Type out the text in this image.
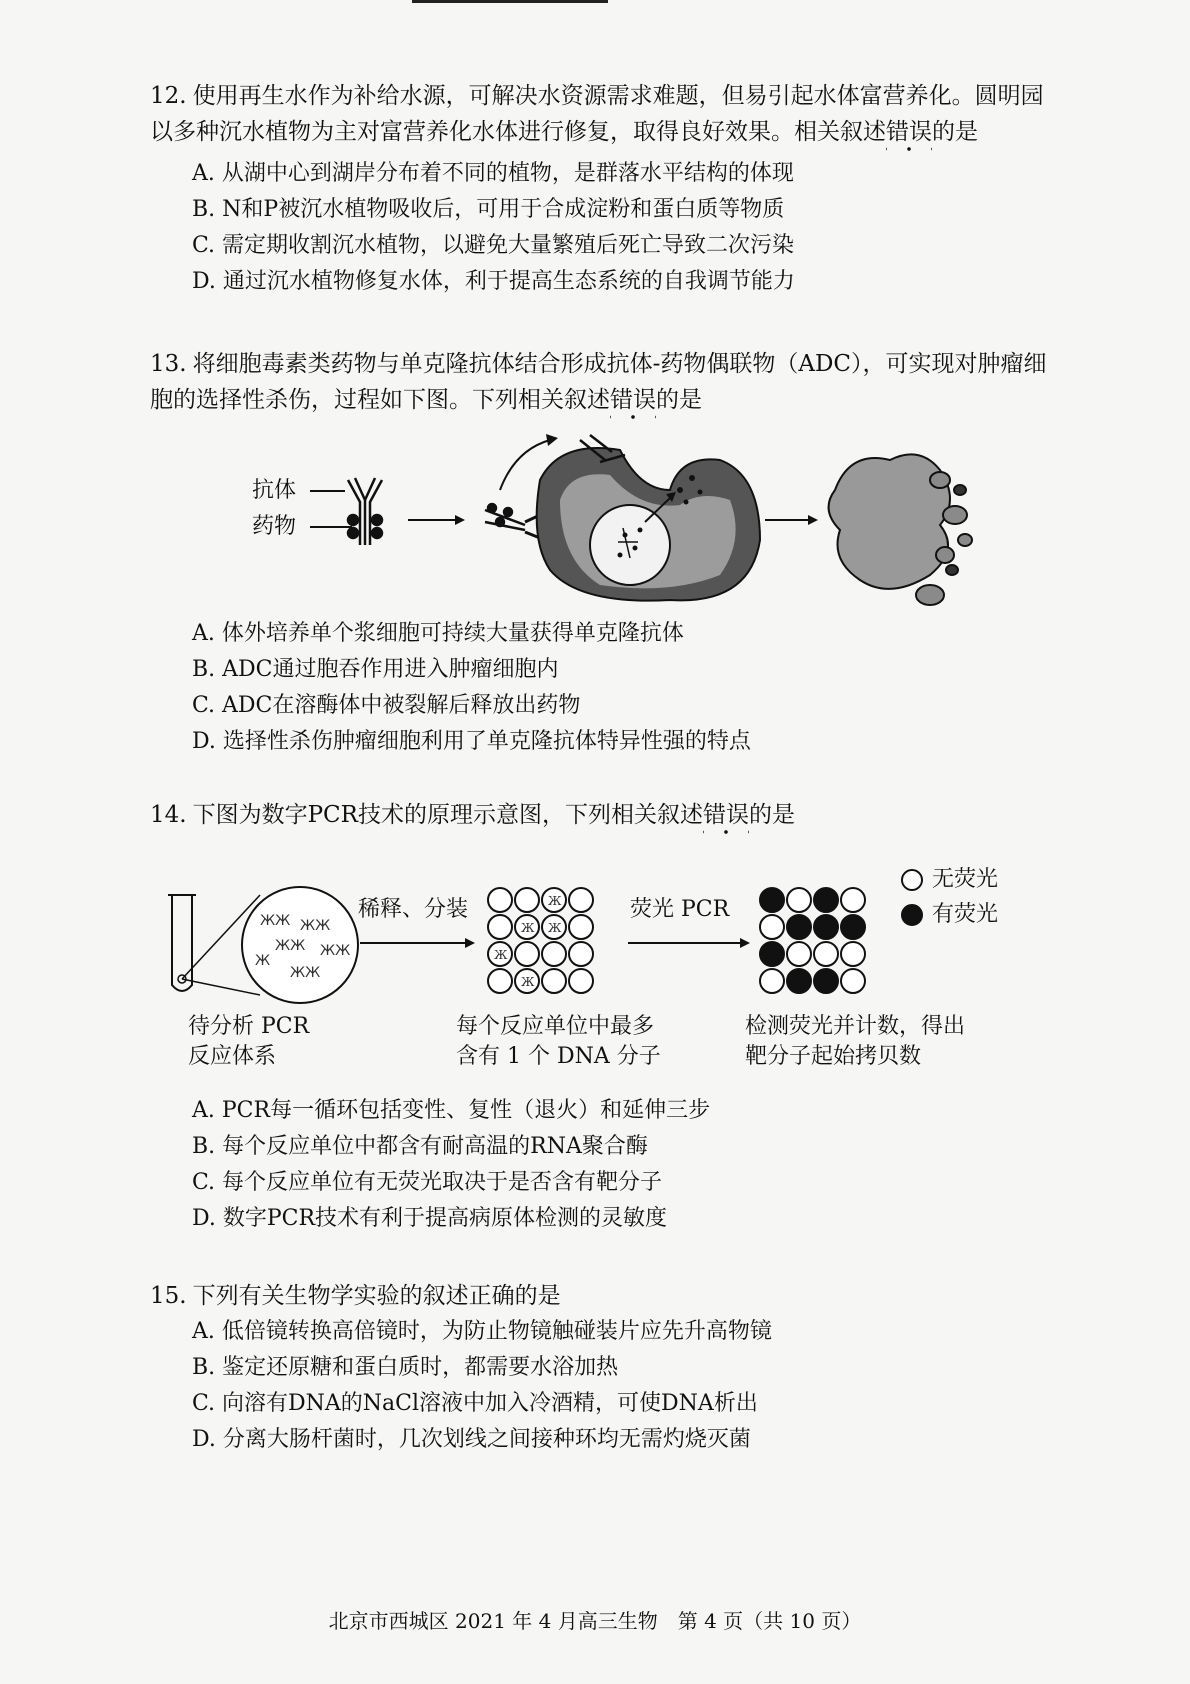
12. 使用再生水作为补给水源，可解决水资源需求难题，但易引起水体富营养化。圆明园
以多种沉水植物为主对富营养化水体进行修复，取得良好效果。相关叙述错误的是

A. 从湖中心到湖岸分布着不同的植物，是群落水平结构的体现

B. N和P被沉水植物吸收后，可用于合成淀粉和蛋白质等物质

C. 需定期收割沉水植物，以避免大量繁殖后死亡导致二次污染

D. 通过沉水植物修复水体，利于提高生态系统的自我调节能力

13. 将细胞毒素类药物与单克隆抗体结合形成抗体-药物偶联物（ADC），可实现对肿瘤细
胞的选择性杀伤，过程如下图。下列相关叙述错误的是

抗体
药物

A. 体外培养单个浆细胞可持续大量获得单克隆抗体

B. ADC通过胞吞作用进入肿瘤细胞内

C. ADC在溶酶体中被裂解后释放出药物

D. 选择性杀伤肿瘤细胞利用了单克隆抗体特异性强的特点

14. 下图为数字PCR技术的原理示意图，下列相关叙述错误的是

ЖЖ ЖЖ
ЖЖ ЖЖ
ЖЖ
Ж
Ж
Ж Ж
Ж
Ж
稀释、分装	荧光 PCR
无荧光
有荧光
待分析 PCR
反应体系
每个反应单位中最多
含有 1 个 DNA 分子
检测荧光并计数，得出
靶分子起始拷贝数

A. PCR每一循环包括变性、复性（退火）和延伸三步

B. 每个反应单位中都含有耐高温的RNA聚合酶

C. 每个反应单位有无荧光取决于是否含有靶分子

D. 数字PCR技术有利于提高病原体检测的灵敏度

15. 下列有关生物学实验的叙述正确的是

A. 低倍镜转换高倍镜时，为防止物镜触碰装片应先升高物镜

B. 鉴定还原糖和蛋白质时，都需要水浴加热

C. 向溶有DNA的NaCl溶液中加入冷酒精，可使DNA析出

D. 分离大肠杆菌时，几次划线之间接种环均无需灼烧灭菌

北京市西城区 2021 年 4 月高三生物　第 4 页（共 10 页）
